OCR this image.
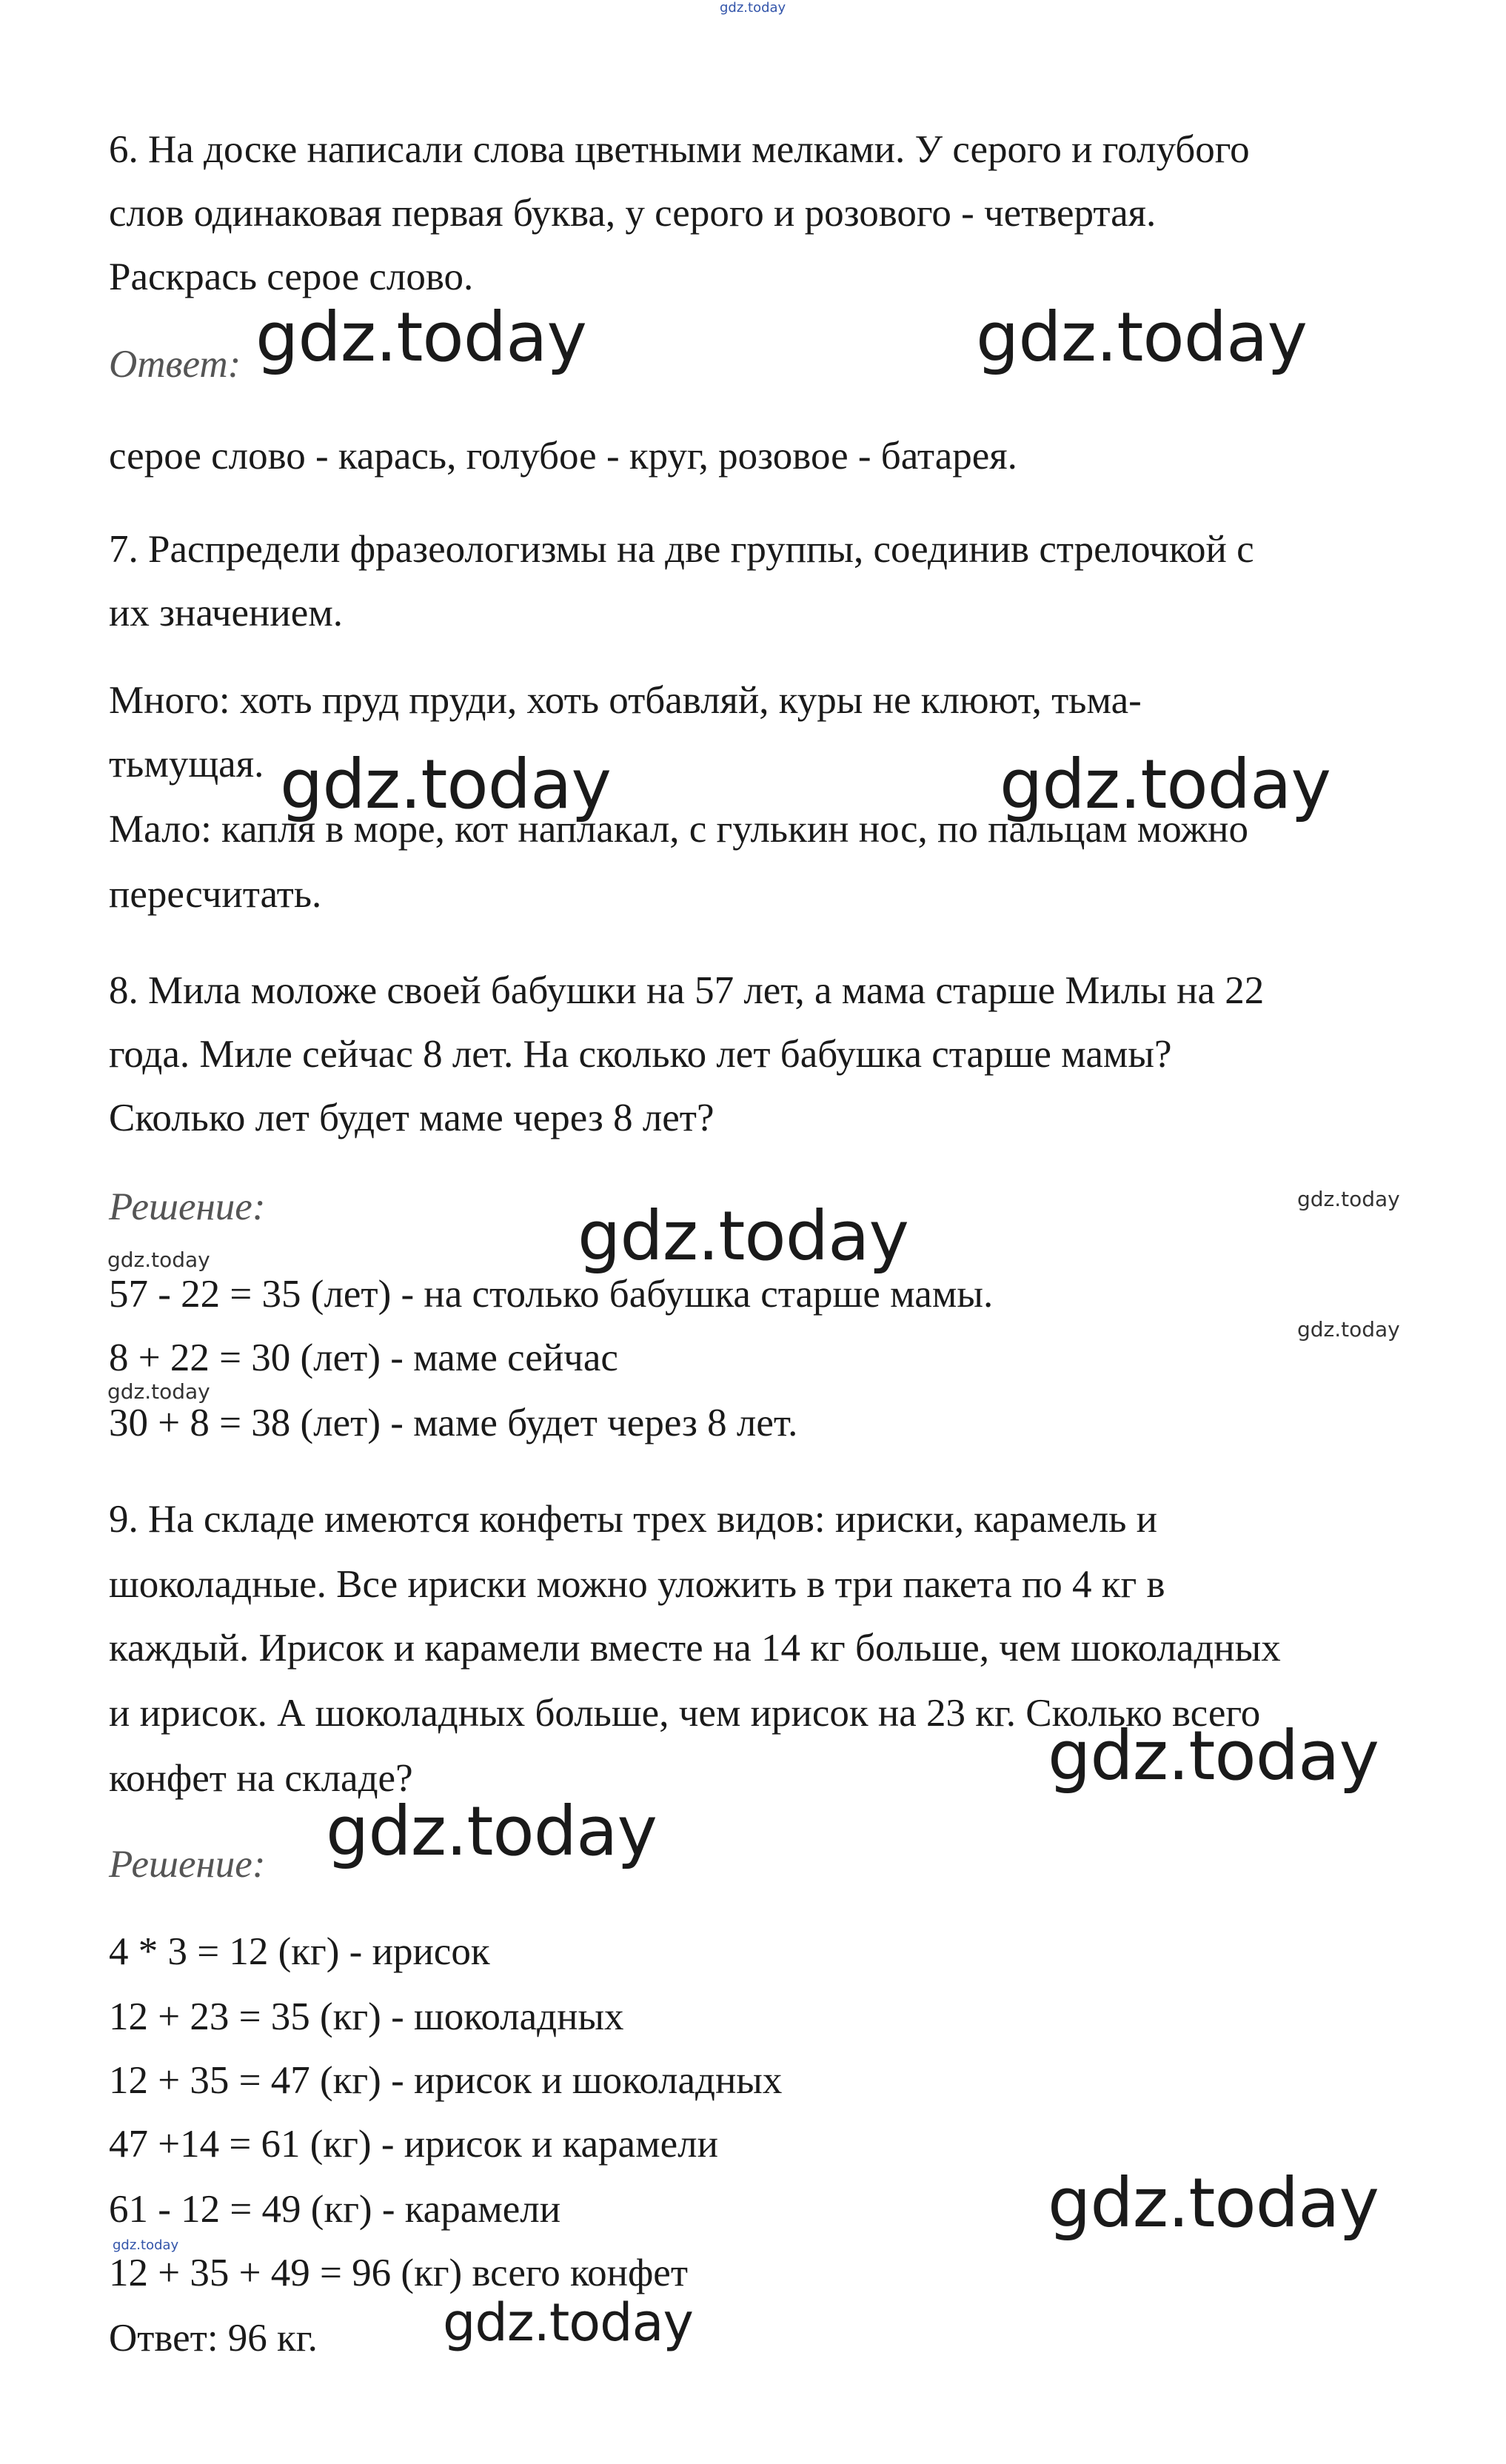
gdz.today
6. На доске написали слова цветными мелками. У серого и голубого
слов одинаковая первая буква, у серого и розового - четвертая.
Раскрась серое слово.
Ответ: gdz.today	gdz.today
серое слово - карась, голубое - круг, розовое - батарея.
7. Распредели фразеологизмы на две группы, соединив стрелочкой с
их значением.
Много: хоть пруд пруди, хоть отбавляй, куры не клюют, тьма-
тьмущая. gdz.today	gdz.today
Мало: капля в море, кот наплакал, с гулькин нос, по пальцам можно
пересчитать.
8. Мила моложе своей бабушки на 57 лет, а мама старше Милы на 22
года. Миле сейчас 8 лет. На сколько лет бабушка старше мамы?
Сколько лет будет маме через 8 лет?
Решение:	gdz.today
gdz.today
gdz.today
57 - 22 = 35 (лет) - на столько бабушка старше мамы.
gdz.today
8 + 22 = 30 (лет) - маме сейчас
gdz.today
30 + 8 = 38 (лет) - маме будет через 8 лет.
9. На складе имеются конфеты трех видов: ириски, карамель и
шоколадные. Все ириски можно уложить в три пакета по 4 кг в
каждый. Ирисок и карамели вместе на 14 кг больше, чем шоколадных
и ирисок. А шоколадных больше, чем ирисок на 23 кг. Сколько всего
конфет на складе?	gdz.today
gdz.today
Решение:
4 * 3 = 12 (кг) - ирисок
12 + 23 = 35 (кг) - шоколадных
12 + 35 = 47 (кг) - ирисок и шоколадных
47 +14 = 61 (кг) - ирисок и карамели
gdz.today
61 - 12 = 49 (кг) - карамели
gdz.today
12 + 35 + 49 = 96 (кг) всего конфет
gdz.today
Ответ: 96 кг.
